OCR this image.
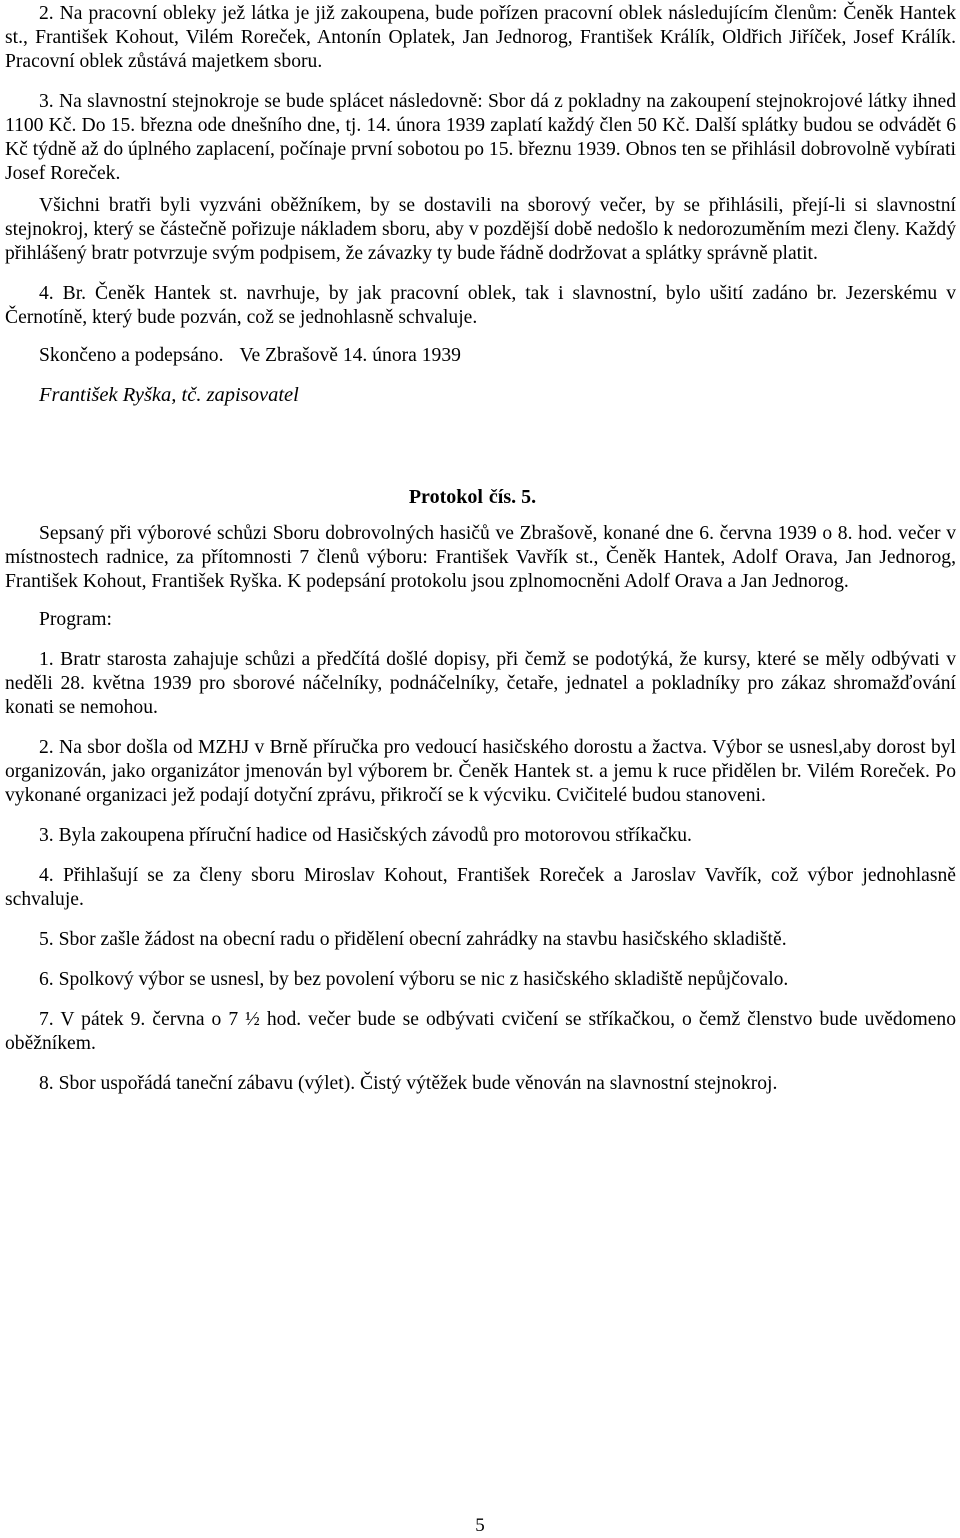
2. Na pracovní obleky jež látka je již zakoupena, bude pořízen pracovní oblek následujícím členům: Čeněk Hantek st., František Kohout, Vilém Roreček, Antonín Oplatek, Jan Jednorog, František Králík, Oldřich Jiříček, Josef Králík. Pracovní oblek zůstává majetkem sboru.

3. Na slavnostní stejnokroje se bude splácet následovně: Sbor dá z pokladny na zakoupení stejnokrojové látky ihned 1100 Kč. Do 15. března ode dnešního dne, tj. 14. února 1939 zaplatí každý člen 50 Kč. Další splátky budou se odvádět 6 Kč týdně až do úplného zaplacení, počínaje první sobotou po 15. březnu 1939. Obnos ten se přihlásil dobrovolně vybírati Josef Roreček.

Všichni bratři byli vyzváni oběžníkem, by se dostavili na sborový večer, by se přihlásili, přejí-li si slavnostní stejnokroj, který se částečně pořizuje nákladem sboru, aby v pozdější době nedošlo k nedorozuměním mezi členy. Každý přihlášený bratr potvrzuje svým podpisem, že závazky ty bude řádně dodržovat a splátky správně platit.

4. Br. Čeněk Hantek st. navrhuje, by jak pracovní oblek, tak i slavnostní, bylo ušití zadáno br. Jezerskému v Černotíně, který bude pozván, což se jednohlasně schvaluje.

Skončeno a podepsáno. Ve Zbrašově 14. února 1939

František Ryška, tč. zapisovatel
Protokol čís. 5.

Sepsaný při výborové schůzi Sboru dobrovolných hasičů ve Zbrašově, konané dne 6. června 1939 o 8. hod. večer v místnostech radnice, za přítomnosti 7 členů výboru: František Vavřík st., Čeněk Hantek, Adolf Orava, Jan Jednorog, František Kohout, František Ryška. K podepsání protokolu jsou zplnomocněni Adolf Orava a Jan Jednorog.

Program:

1. Bratr starosta zahajuje schůzi a předčítá došlé dopisy, při čemž se podotýká, že kursy, které se měly odbývati v neděli 28. května 1939 pro sborové náčelníky, podnáčelníky, četaře, jednatel a pokladníky pro zákaz shromažďování konati se nemohou.

2. Na sbor došla od MZHJ v Brně příručka pro vedoucí hasičského dorostu a žactva. Výbor se usnesl,aby dorost byl organizován, jako organizátor jmenován byl výborem br. Čeněk Hantek st. a jemu k ruce přidělen br. Vilém Roreček. Po vykonané organizaci jež podají dotyční zprávu, přikročí se k výcviku. Cvičitelé budou stanoveni.

3. Byla zakoupena příruční hadice od Hasičských závodů pro motorovou stříkačku.

4. Přihlašují se za členy sboru Miroslav Kohout, František Roreček a Jaroslav Vavřík, což výbor jednohlasně schvaluje.

5. Sbor zašle žádost na obecní radu o přidělení obecní zahrádky na stavbu hasičského skladiště.

6. Spolkový výbor se usnesl, by bez povolení výboru se nic z hasičského skladiště nepůjčovalo.

7. V pátek 9. června o 7 ½ hod. večer bude se odbývati cvičení se stříkačkou, o čemž členstvo bude uvědomeno oběžníkem.

8. Sbor uspořádá taneční zábavu (výlet). Čistý výtěžek bude věnován na slavnostní stejnokroj.

5
